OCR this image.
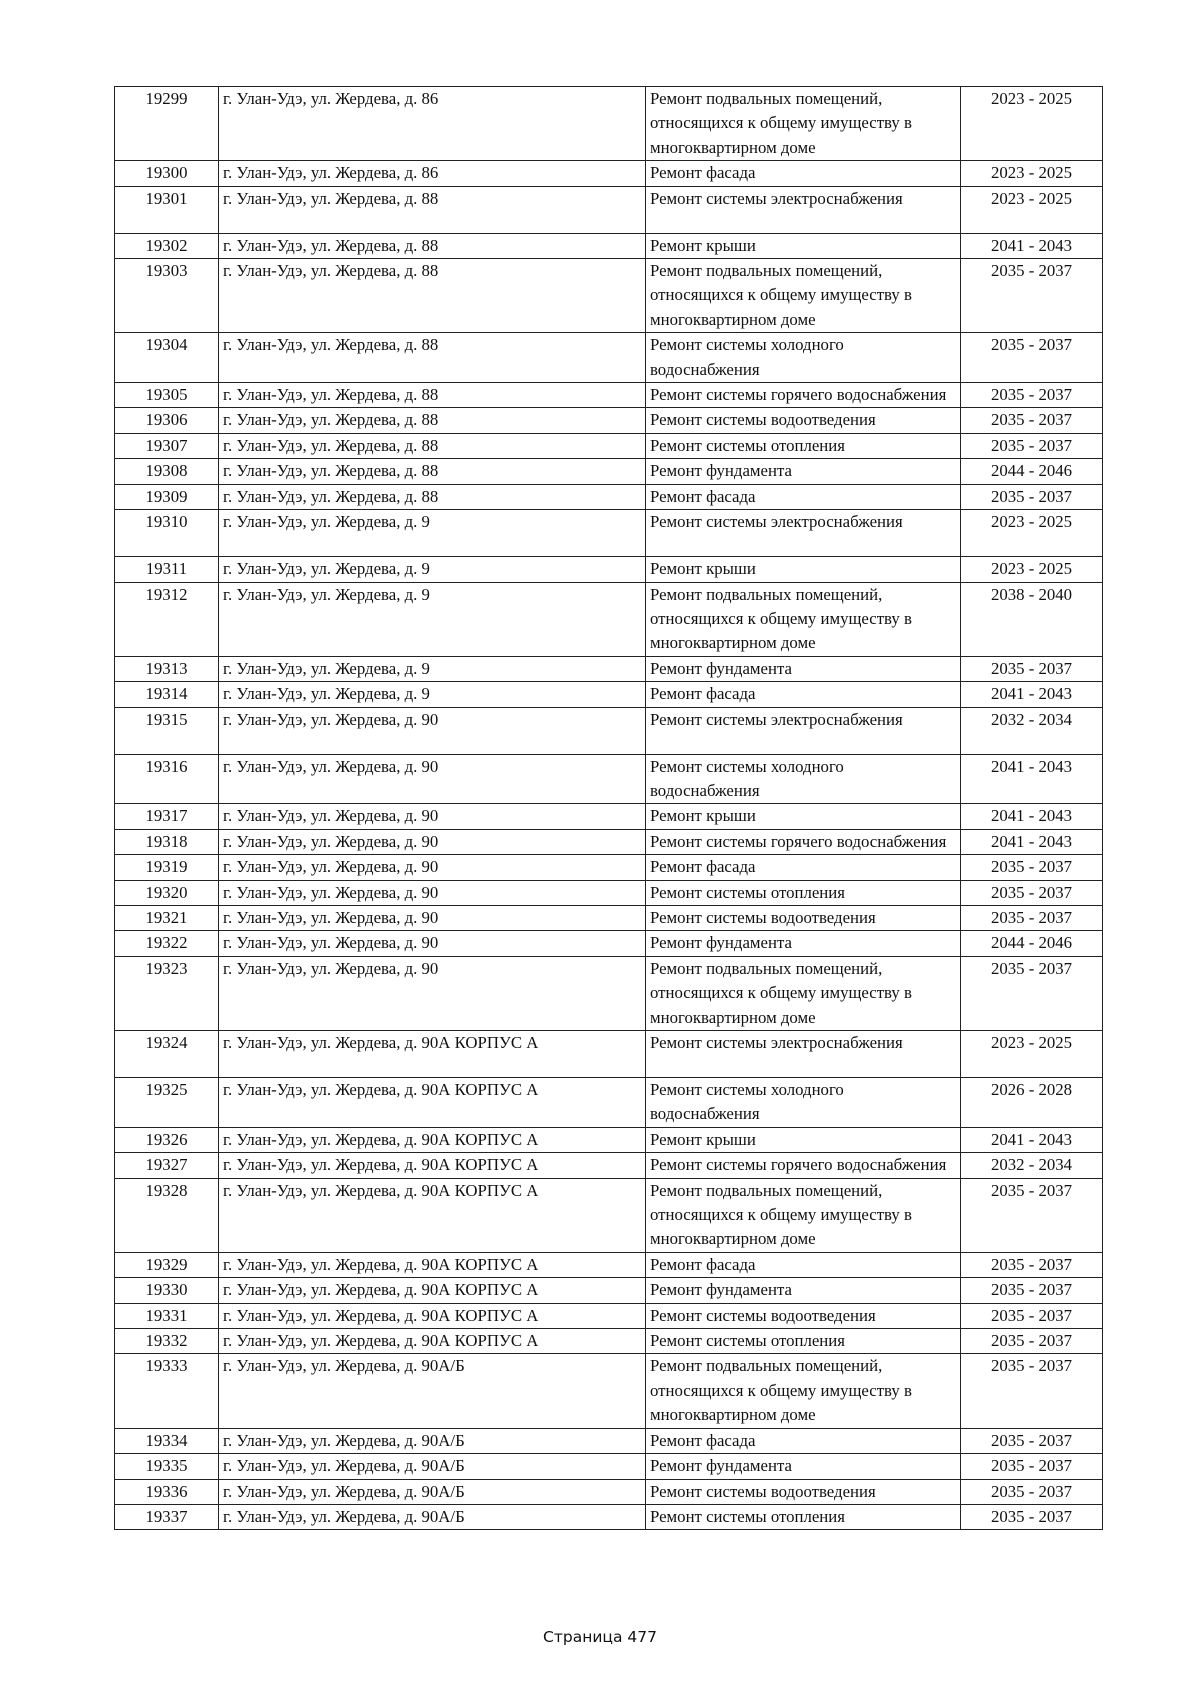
19299	г. Улан-Удэ, ул. Жердева, д. 86	Ремонт подвальных помещений, относящихся к общему имуществу в многоквартирном доме	2023 - 2025
19300	г. Улан-Удэ, ул. Жердева, д. 86	Ремонт фасада	2023 - 2025
19301	г. Улан-Удэ, ул. Жердева, д. 88	Ремонт системы электроснабжения	2023 - 2025
19302	г. Улан-Удэ, ул. Жердева, д. 88	Ремонт крыши	2041 - 2043
19303	г. Улан-Удэ, ул. Жердева, д. 88	Ремонт подвальных помещений, относящихся к общему имуществу в многоквартирном доме	2035 - 2037
19304	г. Улан-Удэ, ул. Жердева, д. 88	Ремонт системы холодного водоснабжения	2035 - 2037
19305	г. Улан-Удэ, ул. Жердева, д. 88	Ремонт системы горячего водоснабжения	2035 - 2037
19306	г. Улан-Удэ, ул. Жердева, д. 88	Ремонт системы водоотведения	2035 - 2037
19307	г. Улан-Удэ, ул. Жердева, д. 88	Ремонт системы отопления	2035 - 2037
19308	г. Улан-Удэ, ул. Жердева, д. 88	Ремонт фундамента	2044 - 2046
19309	г. Улан-Удэ, ул. Жердева, д. 88	Ремонт фасада	2035 - 2037
19310	г. Улан-Удэ, ул. Жердева, д. 9	Ремонт системы электроснабжения	2023 - 2025
19311	г. Улан-Удэ, ул. Жердева, д. 9	Ремонт крыши	2023 - 2025
19312	г. Улан-Удэ, ул. Жердева, д. 9	Ремонт подвальных помещений, относящихся к общему имуществу в многоквартирном доме	2038 - 2040
19313	г. Улан-Удэ, ул. Жердева, д. 9	Ремонт фундамента	2035 - 2037
19314	г. Улан-Удэ, ул. Жердева, д. 9	Ремонт фасада	2041 - 2043
19315	г. Улан-Удэ, ул. Жердева, д. 90	Ремонт системы электроснабжения	2032 - 2034
19316	г. Улан-Удэ, ул. Жердева, д. 90	Ремонт системы холодного водоснабжения	2041 - 2043
19317	г. Улан-Удэ, ул. Жердева, д. 90	Ремонт крыши	2041 - 2043
19318	г. Улан-Удэ, ул. Жердева, д. 90	Ремонт системы горячего водоснабжения	2041 - 2043
19319	г. Улан-Удэ, ул. Жердева, д. 90	Ремонт фасада	2035 - 2037
19320	г. Улан-Удэ, ул. Жердева, д. 90	Ремонт системы отопления	2035 - 2037
19321	г. Улан-Удэ, ул. Жердева, д. 90	Ремонт системы водоотведения	2035 - 2037
19322	г. Улан-Удэ, ул. Жердева, д. 90	Ремонт фундамента	2044 - 2046
19323	г. Улан-Удэ, ул. Жердева, д. 90	Ремонт подвальных помещений, относящихся к общему имуществу в многоквартирном доме	2035 - 2037
19324	г. Улан-Удэ, ул. Жердева, д. 90А КОРПУС А	Ремонт системы электроснабжения	2023 - 2025
19325	г. Улан-Удэ, ул. Жердева, д. 90А КОРПУС А	Ремонт системы холодного водоснабжения	2026 - 2028
19326	г. Улан-Удэ, ул. Жердева, д. 90А КОРПУС А	Ремонт крыши	2041 - 2043
19327	г. Улан-Удэ, ул. Жердева, д. 90А КОРПУС А	Ремонт системы горячего водоснабжения	2032 - 2034
19328	г. Улан-Удэ, ул. Жердева, д. 90А КОРПУС А	Ремонт подвальных помещений, относящихся к общему имуществу в многоквартирном доме	2035 - 2037
19329	г. Улан-Удэ, ул. Жердева, д. 90А КОРПУС А	Ремонт фасада	2035 - 2037
19330	г. Улан-Удэ, ул. Жердева, д. 90А КОРПУС А	Ремонт фундамента	2035 - 2037
19331	г. Улан-Удэ, ул. Жердева, д. 90А КОРПУС А	Ремонт системы водоотведения	2035 - 2037
19332	г. Улан-Удэ, ул. Жердева, д. 90А КОРПУС А	Ремонт системы отопления	2035 - 2037
19333	г. Улан-Удэ, ул. Жердева, д. 90А/Б	Ремонт подвальных помещений, относящихся к общему имуществу в многоквартирном доме	2035 - 2037
19334	г. Улан-Удэ, ул. Жердева, д. 90А/Б	Ремонт фасада	2035 - 2037
19335	г. Улан-Удэ, ул. Жердева, д. 90А/Б	Ремонт фундамента	2035 - 2037
19336	г. Улан-Удэ, ул. Жердева, д. 90А/Б	Ремонт системы водоотведения	2035 - 2037
19337	г. Улан-Удэ, ул. Жердева, д. 90А/Б	Ремонт системы отопления	2035 - 2037
Страница 477
